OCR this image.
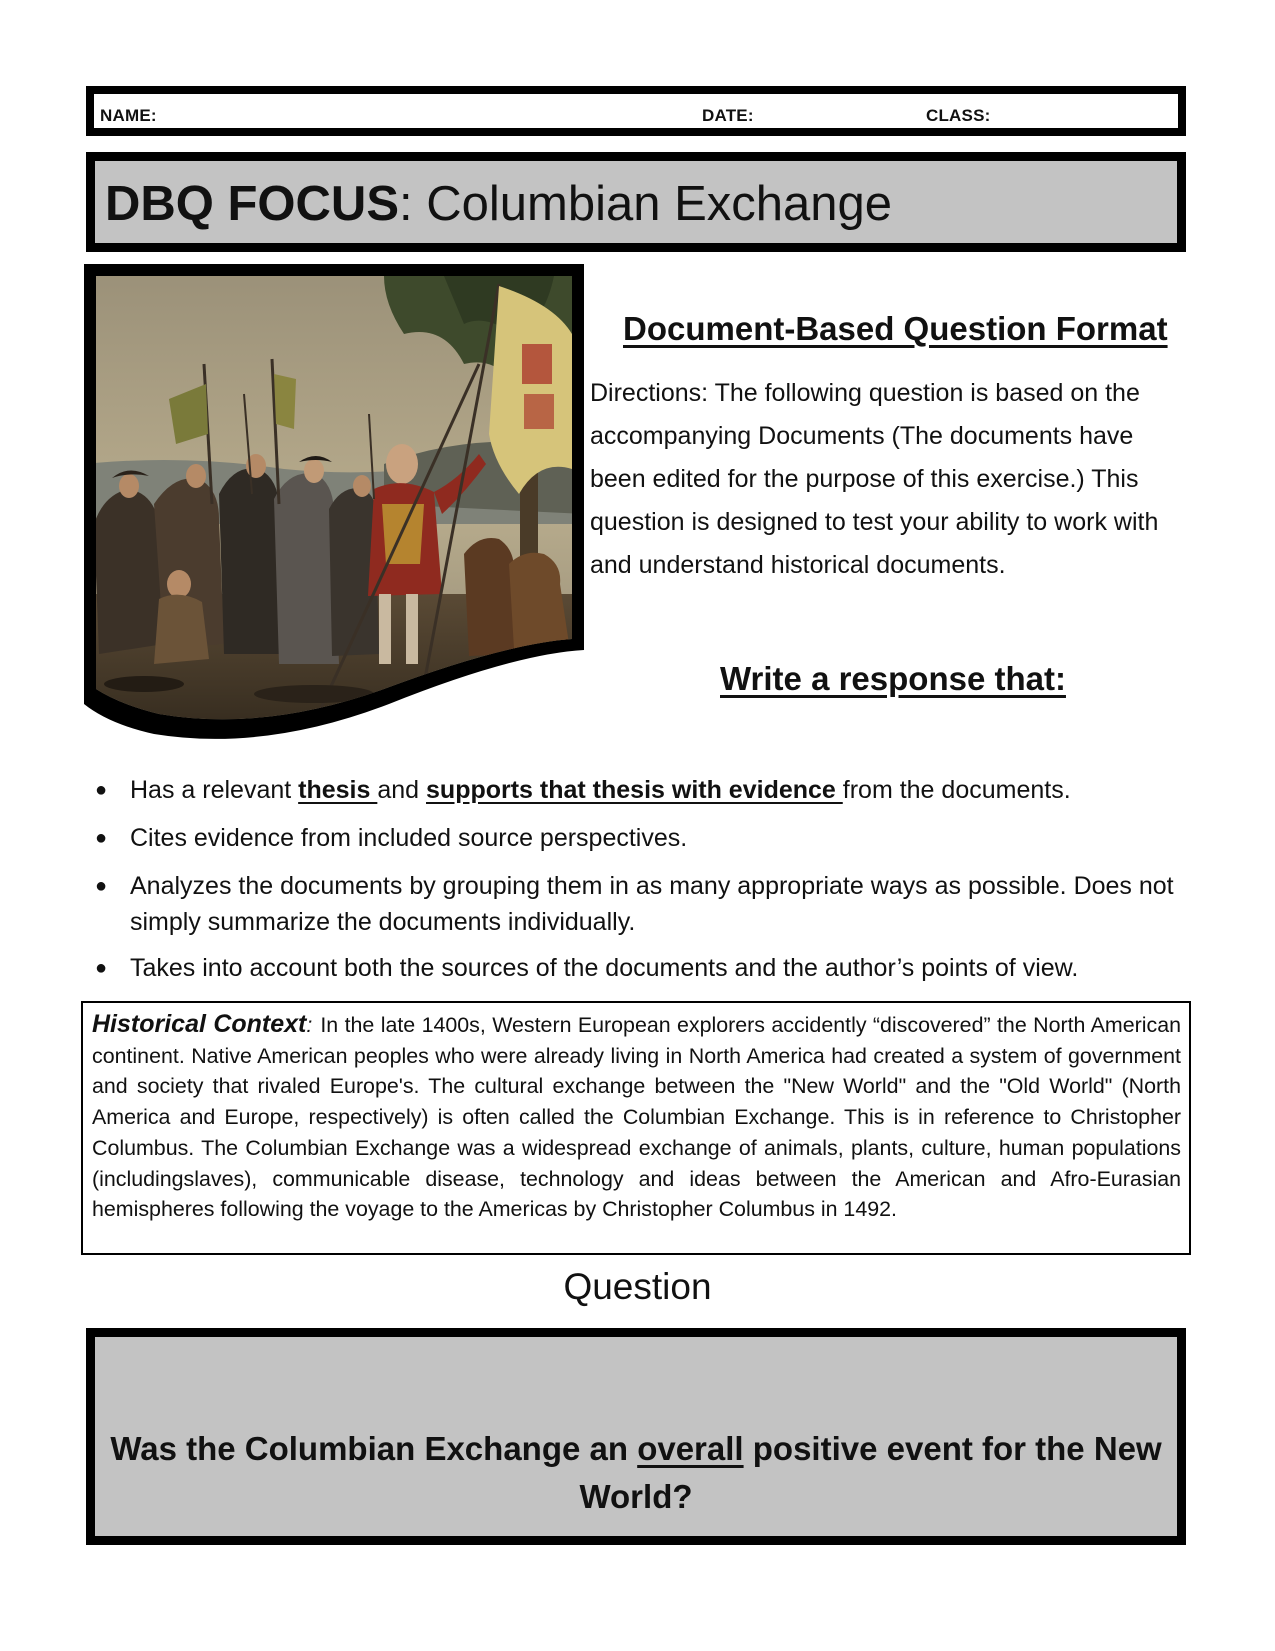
NAME:	DATE:	CLASS:
DBQ FOCUS: Columbian Exchange
Document-Based Question Format

Directions: The following question is based on the accompanying Documents (The documents have been edited for the purpose of this exercise.) This question is designed to test your ability to work with and understand historical documents.

Write a response that:
● Has a relevant thesis and supports that thesis with evidence from the documents.
● Cites evidence from included source perspectives.
● Analyzes the documents by grouping them in as many appropriate ways as possible. Does not simply summarize the documents individually.
● Takes into account both the sources of the documents and the author’s points of view.
Historical Context: In the late 1400s, Western European explorers accidently “discovered” the North American continent. Native American peoples who were already living in North America had created a system of government and society that rivaled Europe's. The cultural exchange between the "New World" and the "Old World" (North America and Europe, respectively) is often called the Columbian Exchange. This is in reference to Christopher Columbus. The Columbian Exchange was a widespread exchange of animals, plants, culture, human populations (includingslaves), communicable disease, technology and ideas between the American and Afro-Eurasian hemispheres following the voyage to the Americas by Christopher Columbus in 1492.
Question
Was the Columbian Exchange an overall positive event for the New World?
